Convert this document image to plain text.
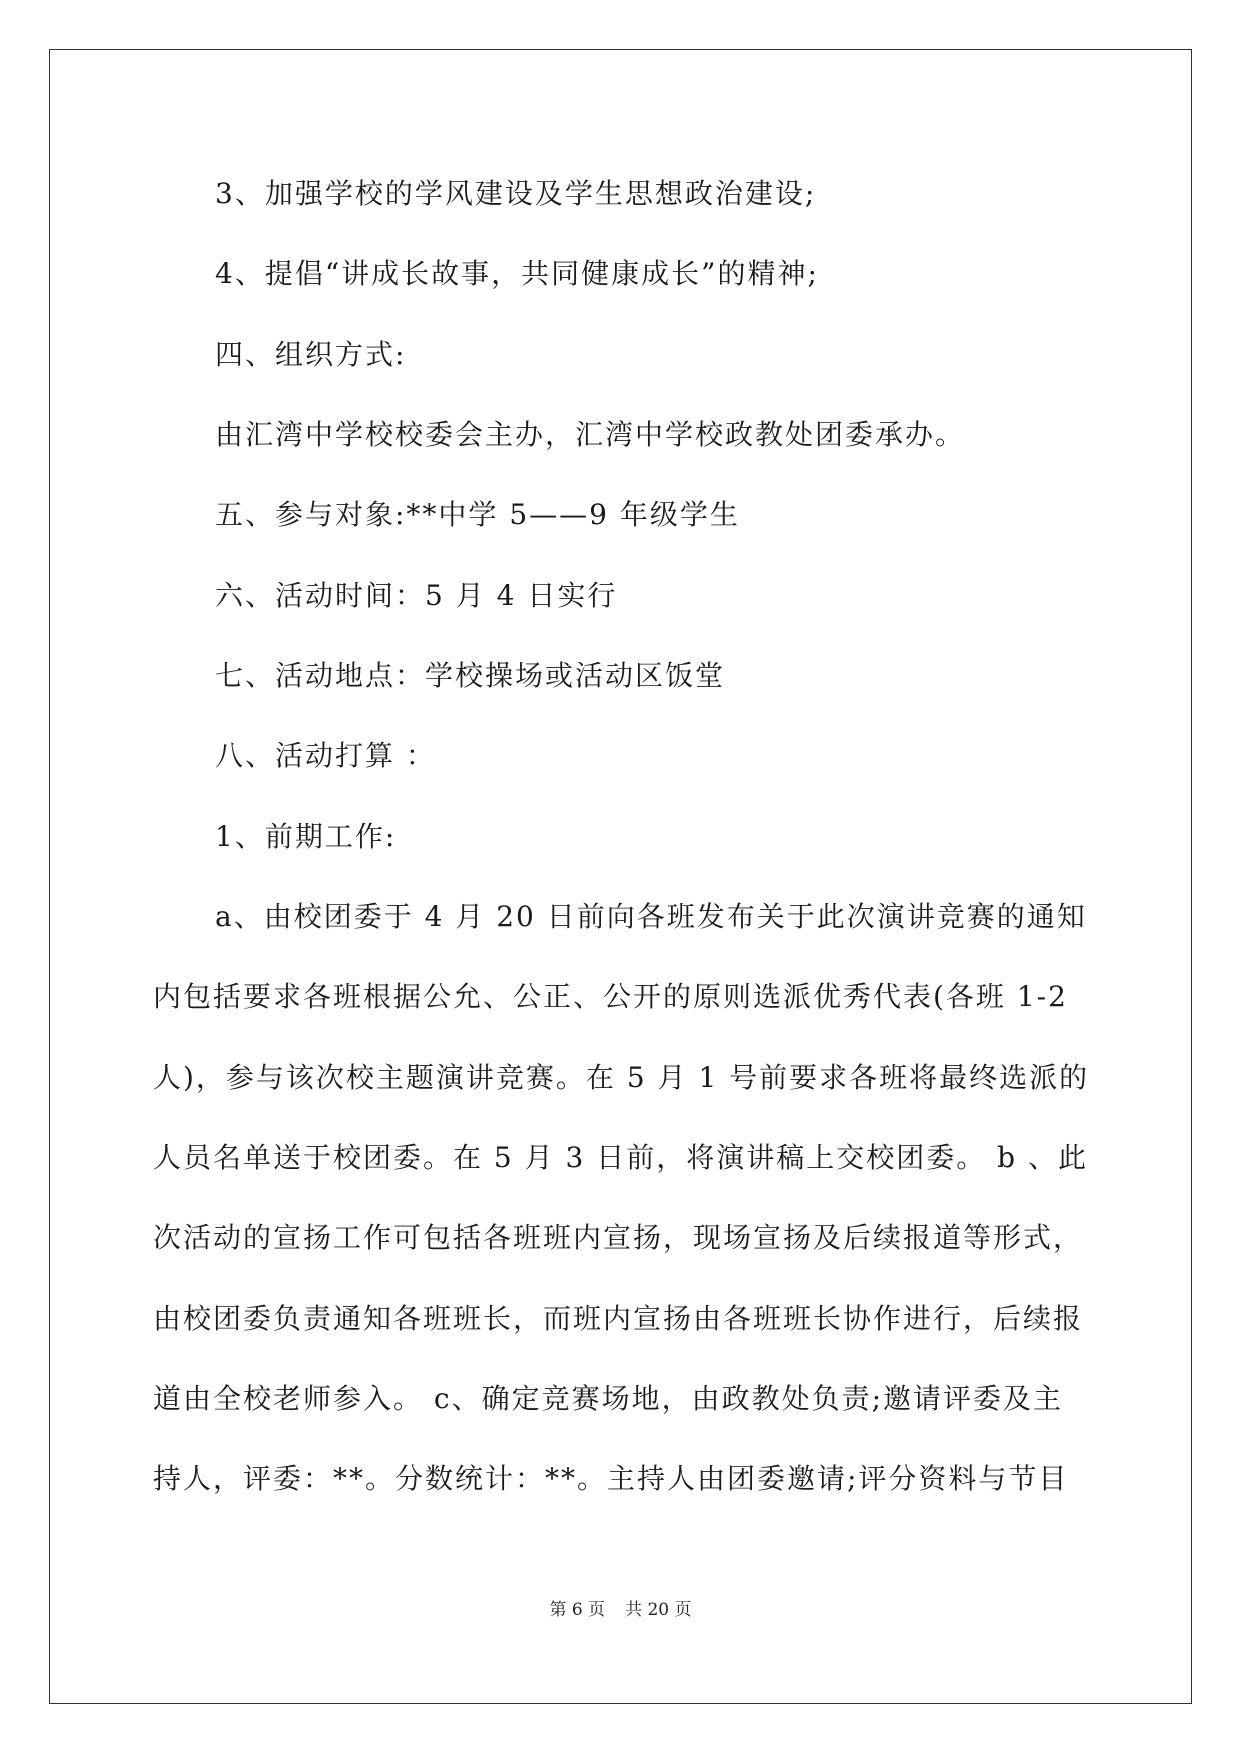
3、加强学校的学风建设及学生思想政治建设;
4、提倡“讲成长故事，共同健康成长”的精神;
四、组织方式:
由汇湾中学校校委会主办，汇湾中学校政教处团委承办。
五、参与对象:**中学 5——9 年级学生
六、活动时间：5 月 4 日实行
七、活动地点：学校操场或活动区饭堂
八、活动打算 ：
1、前期工作:
a、由校团委于 4 月 20 日前向各班发布关于此次演讲竞赛的通知
内包括要求各班根据公允、公正、公开的原则选派优秀代表(各班 1-2
人)，参与该次校主题演讲竞赛。在 5 月 1 号前要求各班将最终选派的
人员名单送于校团委。在 5 月 3 日前，将演讲稿上交校团委。 b 、此
次活动的宣扬工作可包括各班班内宣扬，现场宣扬及后续报道等形式，
由校团委负责通知各班班长，而班内宣扬由各班班长协作进行，后续报
道由全校老师参入。 c、确定竞赛场地，由政教处负责;邀请评委及主
持人，评委：**。分数统计：**。主持人由团委邀请;评分资料与节目
第 6 页 共 20 页
